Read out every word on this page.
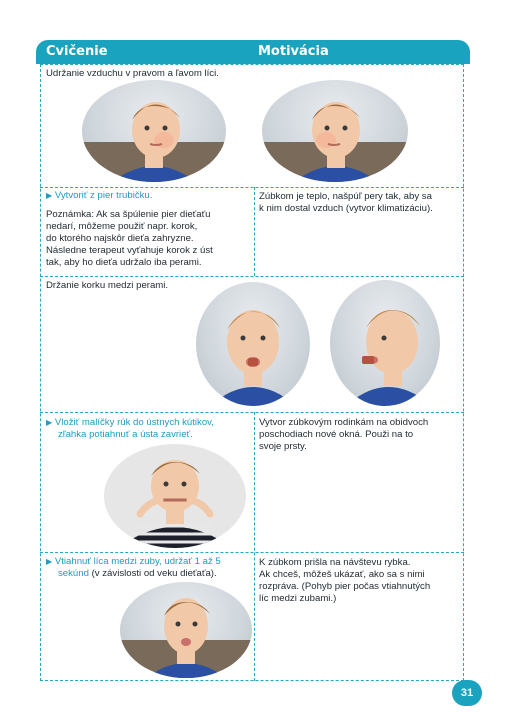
Cvičenie	Motivácia
Udržanie vzduchu v pravom a ľavom líci.
▶ Vytvoriť z pier trubičku.
Poznámka: Ak sa špúlenie pier dieťaťu
nedarí, môžeme použiť napr. korok,
do ktorého najskôr dieťa zahryzne.
Následne terapeut vyťahuje korok z úst
tak, aby ho dieťa udržalo iba perami.
Zúbkom je teplo, našpúľ pery tak, aby sa
k nim dostal vzduch (vytvor klimatizáciu).
Držanie korku medzi perami.
▶ Vložiť malíčky rúk do ústnych kútikov,
zľahka potiahnuť a ústa zavrieť.
Vytvor zúbkovým rodinkám na obidvoch
poschodiach nové okná. Použi na to
svoje prsty.
▶ Vtiahnuť líca medzi zuby, udržať 1 až 5
sekúnd (v závislosti od veku dieťaťa).
K zúbkom prišla na návštevu rybka.
Ak chceš, môžeš ukázať, ako sa s nimi
rozpráva. (Pohyb pier počas vtiahnutých
líc medzi zubami.)
31
